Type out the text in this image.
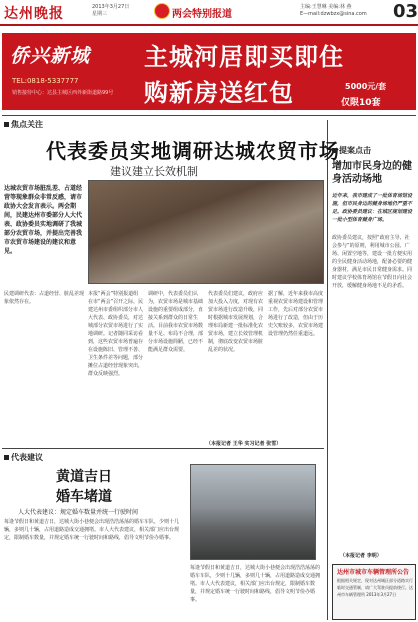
达州晚报	2013年3月27日
星期三	两会特别报道
主编:王慧琳 美编:林 燕
E—mail:dzwbzx@sina.com 03
侨兴新城
TEL:0818-5337777
销售接待中心：达县主城区西外新街道路99号
主城河居即买即住
购新房送红包	5000元/套
仅限10套
焦点关注
代表委员实地调研达城农贸市场
建议建立长效机制
达城农贸市场脏乱差、占道经营等现象群众非常反感，请市政协大会发言表示。两会期间，民建达州市委部分人大代表、政协委员实地调研了我城部分农贸市场，并提出完善我市农贸市场建设的建议和意见。
民建调研代表：占道经营、脏乱差现象依然存在。
本报“两会”特别报道组 在市“两会”召开之际，民建达州市委组织部分市人大代表、政协委员，对达城部分农贸市场进行了实地调研。记者随同采访看到，这些农贸市场普遍存在设施陈旧、管理不善、卫生条件差等问题，部分摊位占道经营现象突出，群众反映强烈。
调研中，代表委员们认为，农贸市场是城市基础设施的重要组成部分，直接关系到群众的日常生活。目前我市农贸市场数量不足、布局不合理，部分市场设施简陋，已经不能满足群众需要。
代表委员们建议，政府应加大投入力度，对现有农贸市场进行改造升级，同时根据城市发展规划，合理布局新建一批标准化农贸市场，建立长效管理机制，彻底改变农贸市场脏乱差的状况。
据了解，近年来我市高度重视农贸市场建设和管理工作，先后对部分农贸市场进行了改造，但由于历史欠账较多，农贸市场建设管理仍然任重道远。
（本报记者 王华 实习记者 张雪）
提案点击
增加市民身边的健身活动场地
近年来，我市建成了一批体育场馆设施，但市民身边的健身场地仍严重不足。政协委员建议：在城区规划建设一批小型体育健身广场。
政协委员建议，按照“政府主导、社会参与”的原则，利用城市公园、广场、闲置空地等，建设一批方便实用的全民健身活动场地，配备必要的健身器材，满足市民日常健身需求。同时建议学校体育场馆在节假日向社会开放，缓解健身场地不足的矛盾。
（本报记者 李明）
代表建议
黄道吉日
婚车堵道
人大代表建议：规定婚车数量并统一行驶时间
每逢节假日和黄道吉日，达城大街小巷便会出现浩浩荡荡的婚车车队，少则十几辆，多则几十辆，占用道路造成交通拥堵。市人大代表建议，相关部门应出台规定，限制婚车数量，并规定婚车统一行驶时间和路线，倡导文明节俭办婚事。
每逢节假日和黄道吉日，达城大街小巷便会出现浩浩荡荡的婚车车队，少则十几辆，多则几十辆，占用道路造成交通拥堵。市人大代表建议，相关部门应出台规定，限制婚车数量，并规定婚车统一行驶时间和路线，倡导文明节俭办婚事。
达州市城市车辆管理所公告
根据相关规定，现对达州城区部分道路实行临时交通管制，请广大驾驶员提前绕行。达州市车辆管理所 2013年3月27日
